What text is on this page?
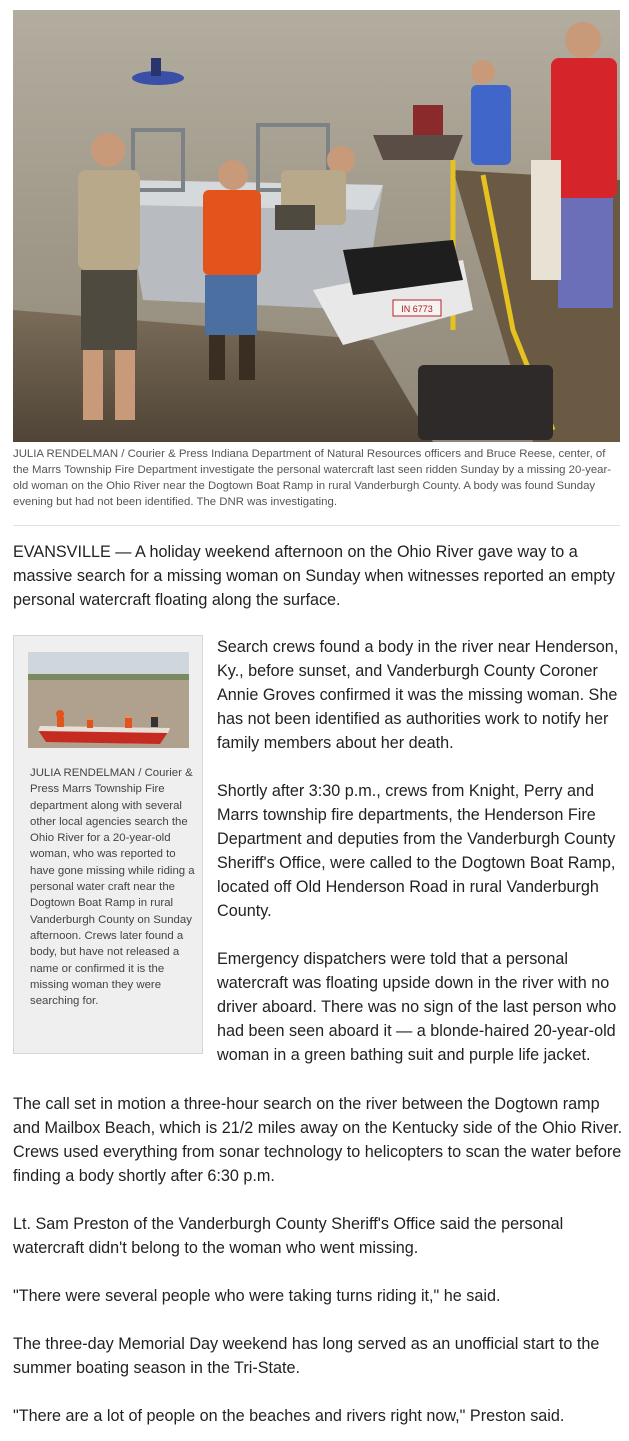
IN 6773
JULIA RENDELMAN / Courier & Press Indiana Department of Natural Resources officers and Bruce Reese, center, of the Marrs Township Fire Department investigate the personal watercraft last seen ridden Sunday by a missing 20-year-old woman on the Ohio River near the Dogtown Boat Ramp in rural Vanderburgh County. A body was found Sunday evening but had not been identified. The DNR was investigating.

EVANSVILLE — A holiday weekend afternoon on the Ohio River gave way to a massive search for a missing woman on Sunday when witnesses reported an empty personal watercraft floating along the surface.

JULIA RENDELMAN / Courier & Press Marrs Township Fire department along with several other local agencies search the Ohio River for a 20-year-old woman, who was reported to have gone missing while riding a personal water craft near the Dogtown Boat Ramp in rural Vanderburgh County on Sunday afternoon. Crews later found a body, but have not released a name or confirmed it is the missing woman they were searching for.

Search crews found a body in the river near Henderson, Ky., before sunset, and Vanderburgh County Coroner Annie Groves confirmed it was the missing woman. She has not been identified as authorities work to notify her family members about her death.

Shortly after 3:30 p.m., crews from Knight, Perry and Marrs township fire departments, the Henderson Fire Department and deputies from the Vanderburgh County Sheriff's Office, were called to the Dogtown Boat Ramp, located off Old Henderson Road in rural Vanderburgh County.

Emergency dispatchers were told that a personal watercraft was floating upside down in the river with no driver aboard. There was no sign of the last person who had been seen aboard it — a blonde-haired 20-year-old woman in a green bathing suit and purple life jacket.

The call set in motion a three-hour search on the river between the Dogtown ramp and Mailbox Beach, which is 21/2 miles away on the Kentucky side of the Ohio River. Crews used everything from sonar technology to helicopters to scan the water before finding a body shortly after 6:30 p.m.

Lt. Sam Preston of the Vanderburgh County Sheriff's Office said the personal watercraft didn't belong to the woman who went missing.

"There were several people who were taking turns riding it," he said.

The three-day Memorial Day weekend has long served as an unofficial start to the summer boating season in the Tri-State.

"There are a lot of people on the beaches and rivers right now," Preston said.
